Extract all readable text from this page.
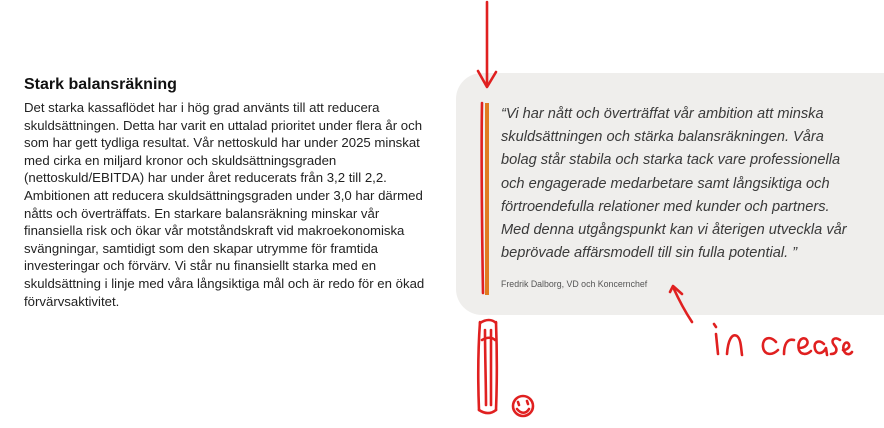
Stark balansräkning

Det starka kassaflödet har i hög grad använts till att reducera skuldsättningen. Detta har varit en uttalad prioritet under flera år och som har gett tydliga resultat. Vår nettoskuld har under 2025 minskat med cirka en miljard kronor och skuldsättningsgraden (nettoskuld/EBITDA) har under året reducerats från 3,2 till 2,2. Ambitionen att reducera skuldsättningsgraden under 3,0 har därmed nåtts och överträffats. En starkare balansräkning minskar vår finansiella risk och ökar vår motståndskraft vid makroekonomiska svängningar, samtidigt som den skapar utrymme för framtida investeringar och förvärv. Vi står nu finansiellt starka med en skuldsättning i linje med våra långsiktiga mål och är redo för en ökad förvärvsaktivitet.

“Vi har nått och överträffat vår ambition att minska skuldsättningen och stärka balansräkningen. Våra bolag står stabila och starka tack vare professionella och engagerade medarbetare samt långsiktiga och förtroendefulla relationer med kunder och partners. Med denna utgångspunkt kan vi återigen utveckla vår beprövade affärsmodell till sin fulla potential. ”

Fredrik Dalborg, VD och Koncernchef
